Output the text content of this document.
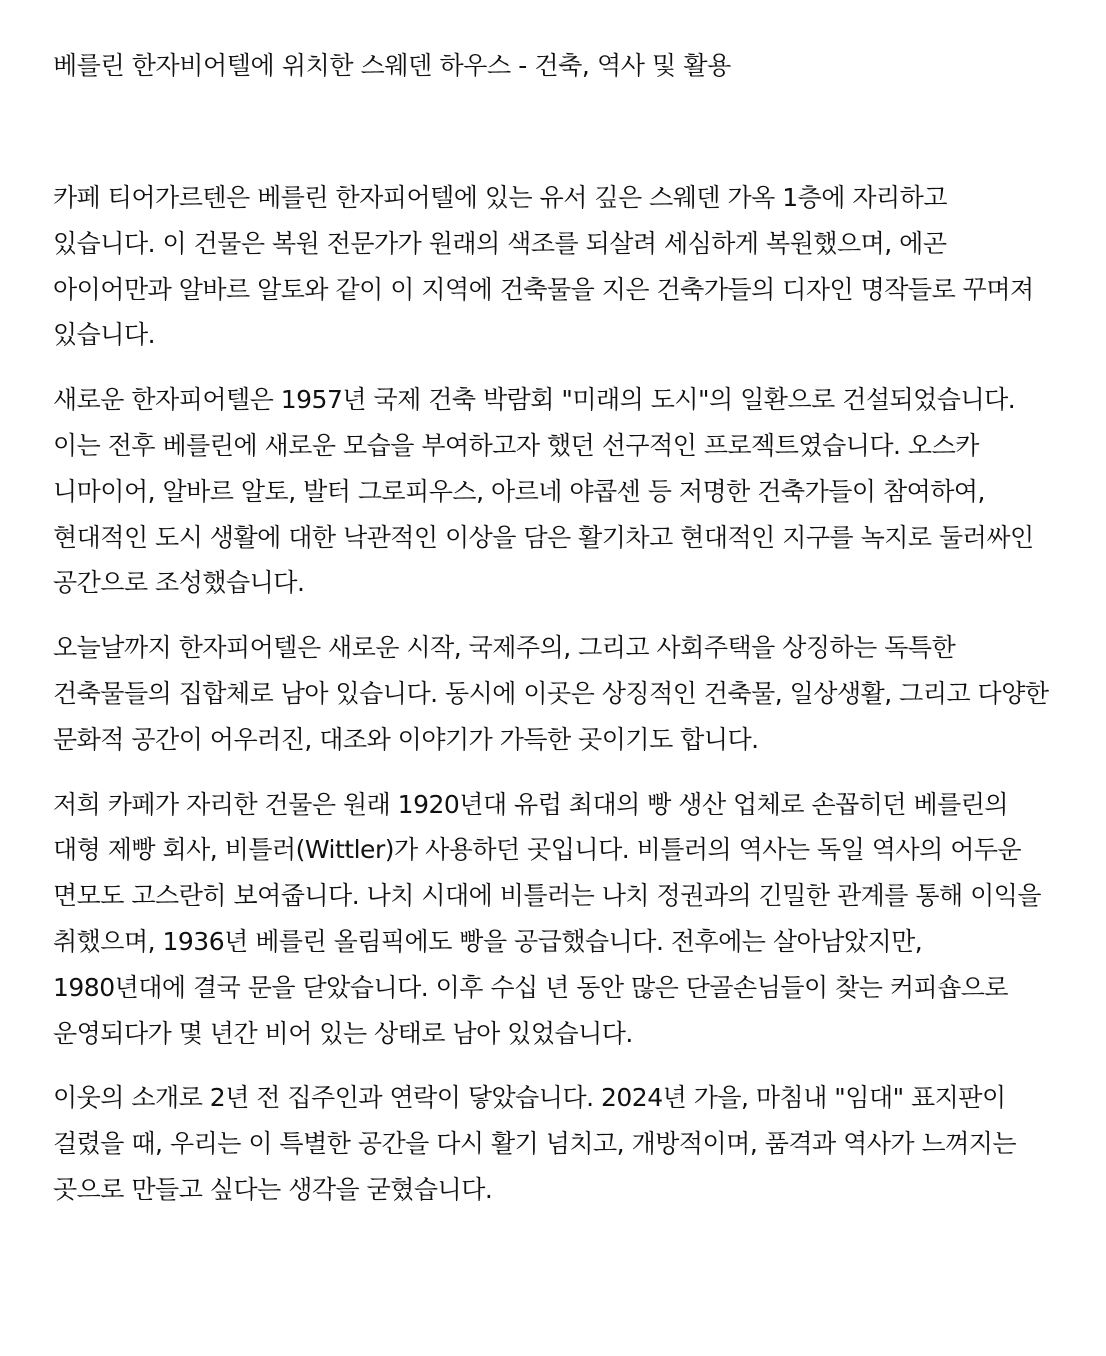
베를린 한자비어텔에 위치한 스웨덴 하우스 - 건축, 역사 및 활용

카페 티어가르텐은 베를린 한자피어텔에 있는 유서 깊은 스웨덴 가옥 1층에 자리하고 있습니다. 이 건물은 복원 전문가가 원래의 색조를 되살려 세심하게 복원했으며, 에곤 아이어만과 알바르 알토와 같이 이 지역에 건축물을 지은 건축가들의 디자인 명작들로 꾸며져 있습니다.

새로운 한자피어텔은 1957년 국제 건축 박람회 "미래의 도시"의 일환으로 건설되었습니다. 이는 전후 베를린에 새로운 모습을 부여하고자 했던 선구적인 프로젝트였습니다. 오스카 니마이어, 알바르 알토, 발터 그로피우스, 아르네 야콥센 등 저명한 건축가들이 참여하여, 현대적인 도시 생활에 대한 낙관적인 이상을 담은 활기차고 현대적인 지구를 녹지로 둘러싸인 공간으로 조성했습니다.

오늘날까지 한자피어텔은 새로운 시작, 국제주의, 그리고 사회주택을 상징하는 독특한 건축물들의 집합체로 남아 있습니다. 동시에 이곳은 상징적인 건축물, 일상생활, 그리고 다양한 문화적 공간이 어우러진, 대조와 이야기가 가득한 곳이기도 합니다.

저희 카페가 자리한 건물은 원래 1920년대 유럽 최대의 빵 생산 업체로 손꼽히던 베를린의 대형 제빵 회사, 비틀러(Wittler)가 사용하던 곳입니다. 비틀러의 역사는 독일 역사의 어두운 면모도 고스란히 보여줍니다. 나치 시대에 비틀러는 나치 정권과의 긴밀한 관계를 통해 이익을 취했으며, 1936년 베를린 올림픽에도 빵을 공급했습니다. 전후에는 살아남았지만, 1980년대에 결국 문을 닫았습니다. 이후 수십 년 동안 많은 단골손님들이 찾는 커피숍으로 운영되다가 몇 년간 비어 있는 상태로 남아 있었습니다.

이웃의 소개로 2년 전 집주인과 연락이 닿았습니다. 2024년 가을, 마침내 "임대" 표지판이 걸렸을 때, 우리는 이 특별한 공간을 다시 활기 넘치고, 개방적이며, 품격과 역사가 느껴지는 곳으로 만들고 싶다는 생각을 굳혔습니다.
